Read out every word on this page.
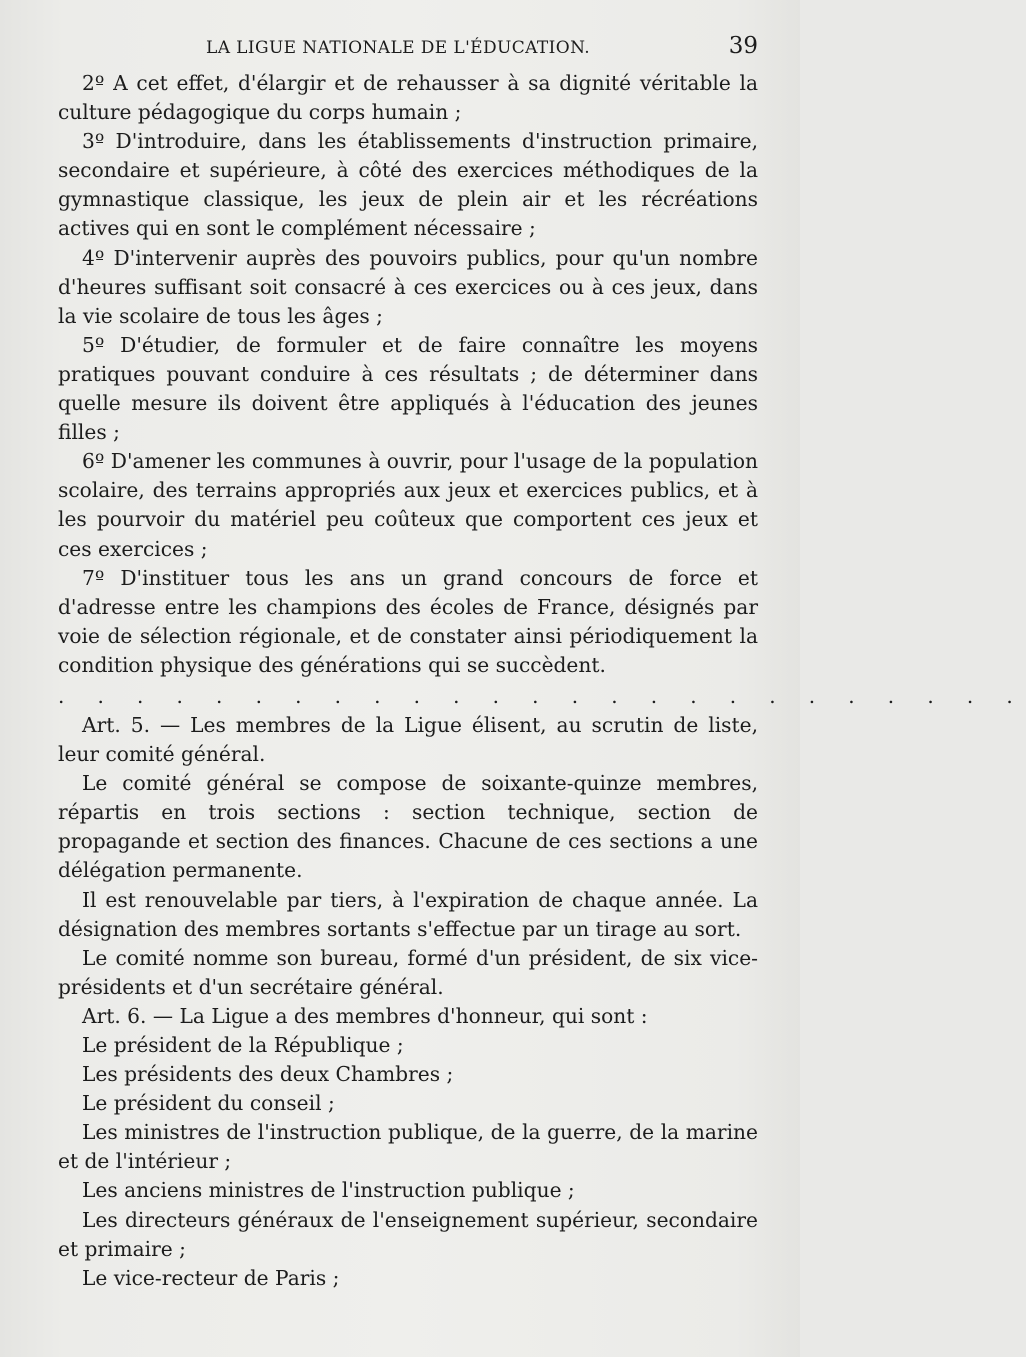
LA LIGUE NATIONALE DE L'ÉDUCATION.	39

2º A cet effet, d'élargir et de rehausser à sa dignité véritable la culture pédagogique du corps humain ;

3º D'introduire, dans les établissements d'instruction primaire, secondaire et supérieure, à côté des exercices méthodiques de la gymnastique classique, les jeux de plein air et les récréations actives qui en sont le complément nécessaire ;

4º D'intervenir auprès des pouvoirs publics, pour qu'un nombre d'heures suffisant soit consacré à ces exercices ou à ces jeux, dans la vie scolaire de tous les âges ;

5º D'étudier, de formuler et de faire connaître les moyens pratiques pouvant conduire à ces résultats ; de déterminer dans quelle mesure ils doivent être appliqués à l'éducation des jeunes filles ;

6º D'amener les communes à ouvrir, pour l'usage de la population scolaire, des terrains appropriés aux jeux et exercices publics, et à les pourvoir du matériel peu coûteux que comportent ces jeux et ces exercices ;

7º D'instituer tous les ans un grand concours de force et d'adresse entre les champions des écoles de France, désignés par voie de sélection régionale, et de constater ainsi périodiquement la condition physique des générations qui se succèdent.

. . . . . . . . . . . . . . . . . . . . . . . . .

Art. 5. — Les membres de la Ligue élisent, au scrutin de liste, leur comité général.

Le comité général se compose de soixante-quinze membres, répartis en trois sections : section technique, section de propagande et section des finances. Chacune de ces sections a une délégation permanente.

Il est renouvelable par tiers, à l'expiration de chaque année. La désignation des membres sortants s'effectue par un tirage au sort.

Le comité nomme son bureau, formé d'un président, de six vice-présidents et d'un secrétaire général.

Art. 6. — La Ligue a des membres d'honneur, qui sont :

Le président de la République ;

Les présidents des deux Chambres ;

Le président du conseil ;

Les ministres de l'instruction publique, de la guerre, de la marine et de l'intérieur ;

Les anciens ministres de l'instruction publique ;

Les directeurs généraux de l'enseignement supérieur, secondaire et primaire ;

Le vice-recteur de Paris ;
